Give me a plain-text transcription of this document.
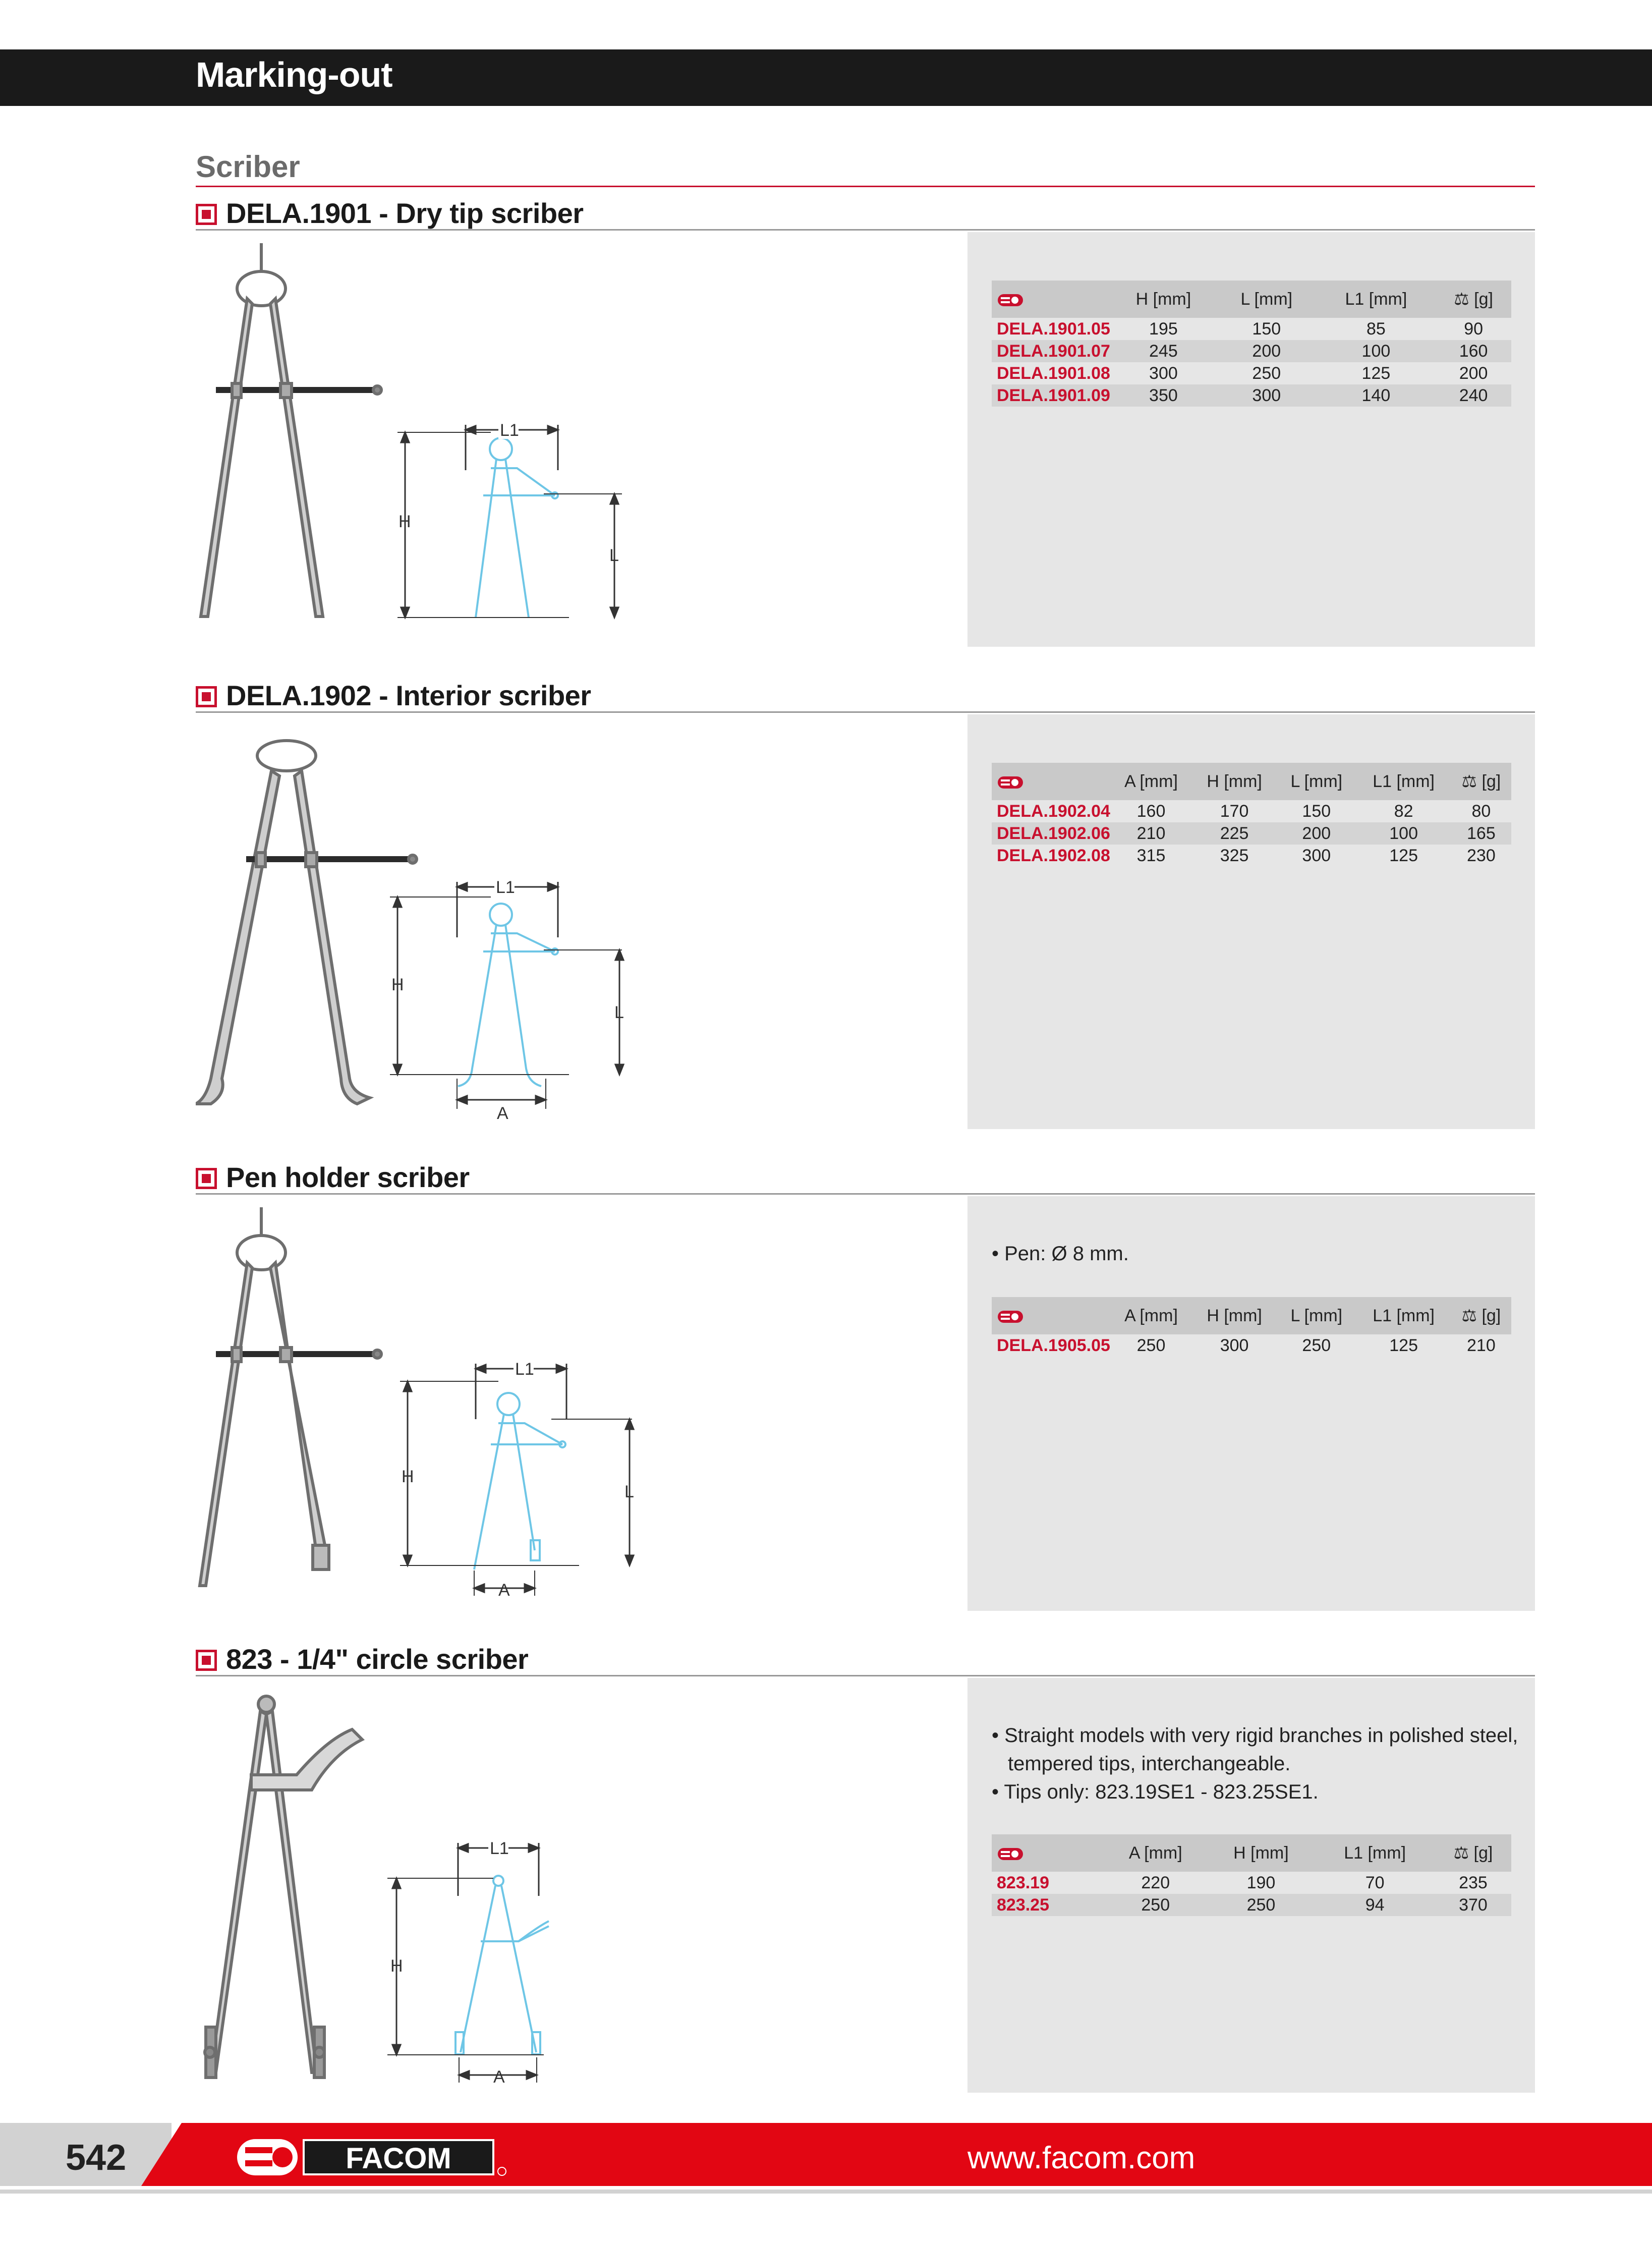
Marking-out
Scriber
DELA.1901 - Dry tip scriber
L1
H
L
	H [mm]	L [mm]	L1 [mm]	⚖ [g]
DELA.1901.05	195	150	85	90
DELA.1901.07	245	200	100	160
DELA.1901.08	300	250	125	200
DELA.1901.09	350	300	140	240
DELA.1902 - Interior scriber
L1
H
L
A
	A [mm]	H [mm]	L [mm]	L1 [mm]	⚖ [g]
DELA.1902.04	160	170	150	82	80
DELA.1902.06	210	225	200	100	165
DELA.1902.08	315	325	300	125	230
Pen holder scriber
L1
H
L
A
• Pen: Ø 8 mm.
	A [mm]	H [mm]	L [mm]	L1 [mm]	⚖ [g]
DELA.1905.05	250	300	250	125	210
823 - 1/4" circle scriber
L1
H
A
• Straight models with very rigid branches in polished steel,
tempered tips, interchangeable.
• Tips only: 823.19SE1 - 823.25SE1.
	A [mm]	H [mm]	L1 [mm]	⚖ [g]
823.19	220	190	70	235
823.25	250	250	94	370
542	FACOM	www.facom.com
